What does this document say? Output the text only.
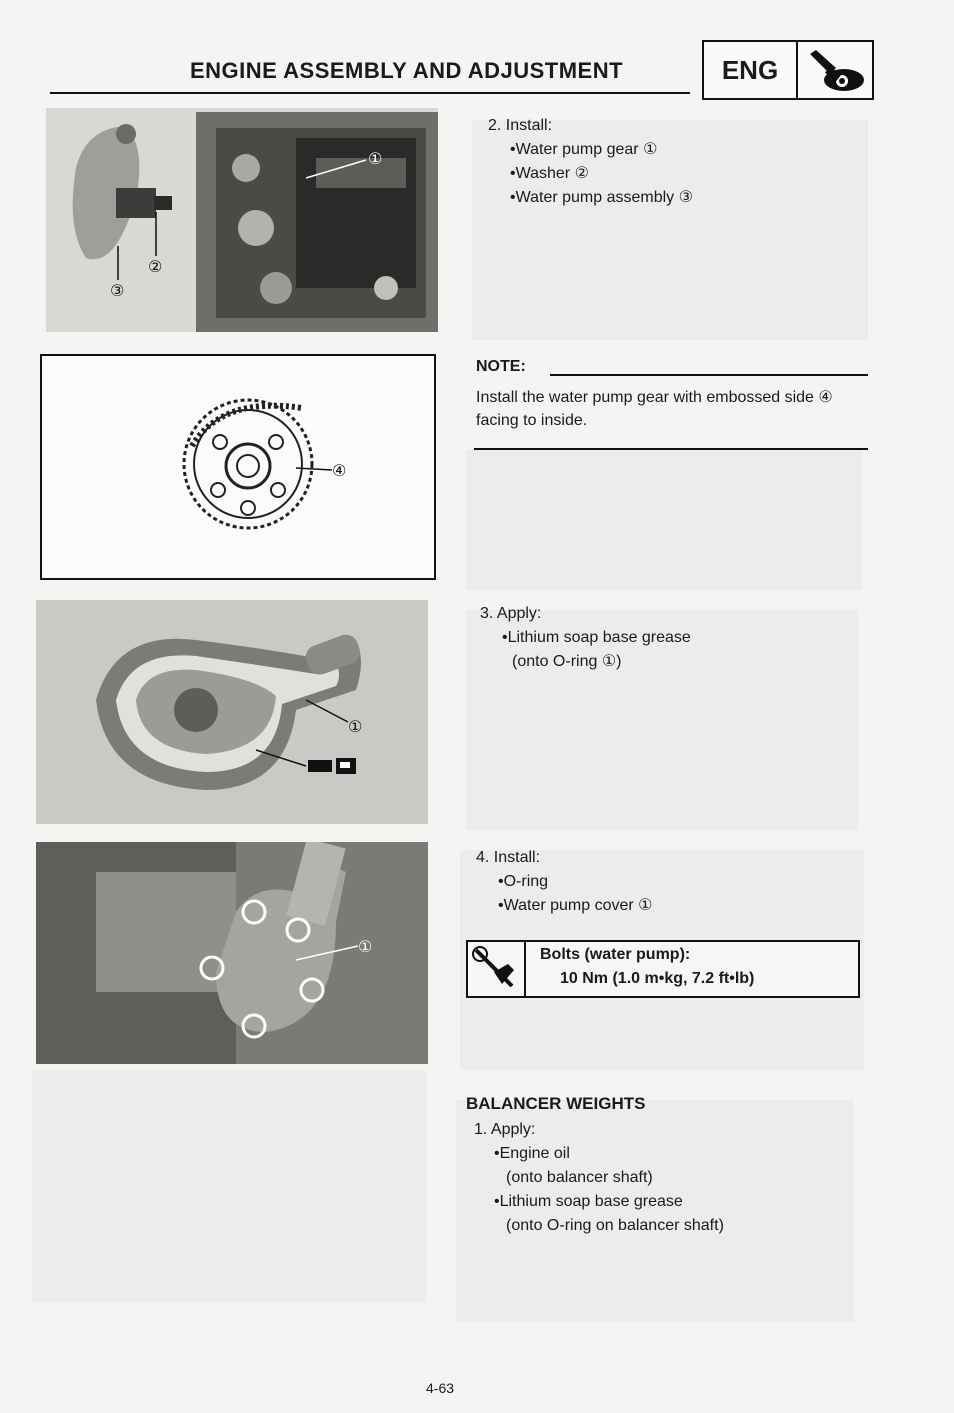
ENGINE ASSEMBLY AND ADJUSTMENT	ENG
①
②
③
④
①
①
2. Install:
•Water pump gear ①
•Washer ②
•Water pump assembly ③
NOTE:
Install the water pump gear with embossed side ④ facing to inside.
3. Apply:
•Lithium soap base grease
(onto O-ring ①)
4. Install:
•O-ring
•Water pump cover ①
Bolts (water pump):
10 Nm (1.0 m•kg, 7.2 ft•lb)
BALANCER WEIGHTS
1. Apply:
•Engine oil
(onto balancer shaft)
•Lithium soap base grease
(onto O-ring on balancer shaft)
4-63
